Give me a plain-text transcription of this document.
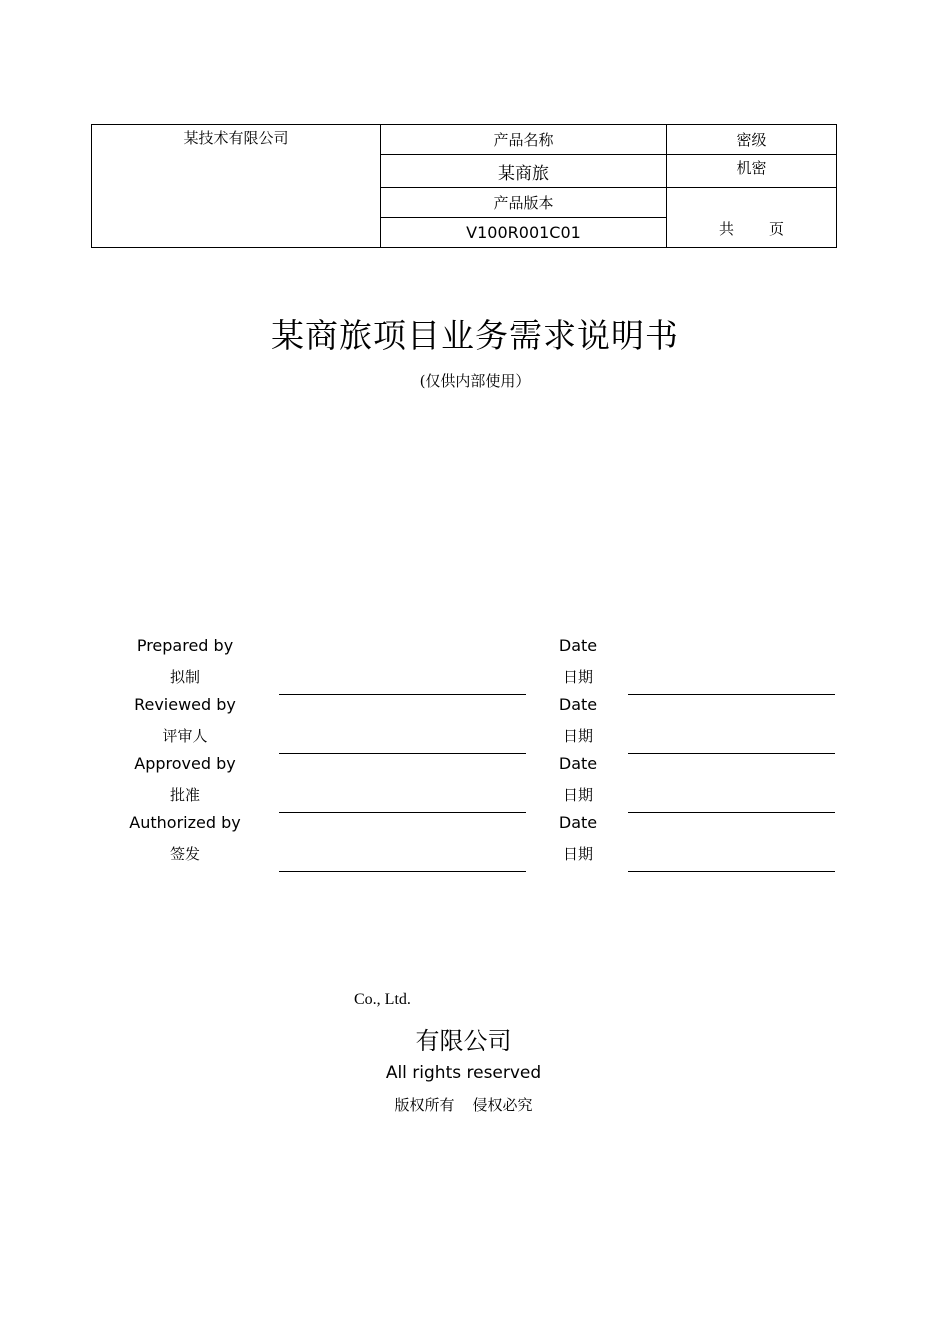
某技术有限公司	产品名称	密级
	某商旅	机密
	产品版本	共 页
	V100R001C01	
某商旅项目业务需求说明书
(仅供内部使用）
Prepared by
拟制
Date
日期
Reviewed by
评审人
Date
日期
Approved by
批准
Date
日期
Authorized by
签发
Date
日期
Co., Ltd.
有限公司
All rights reserved
版权所有 侵权必究
